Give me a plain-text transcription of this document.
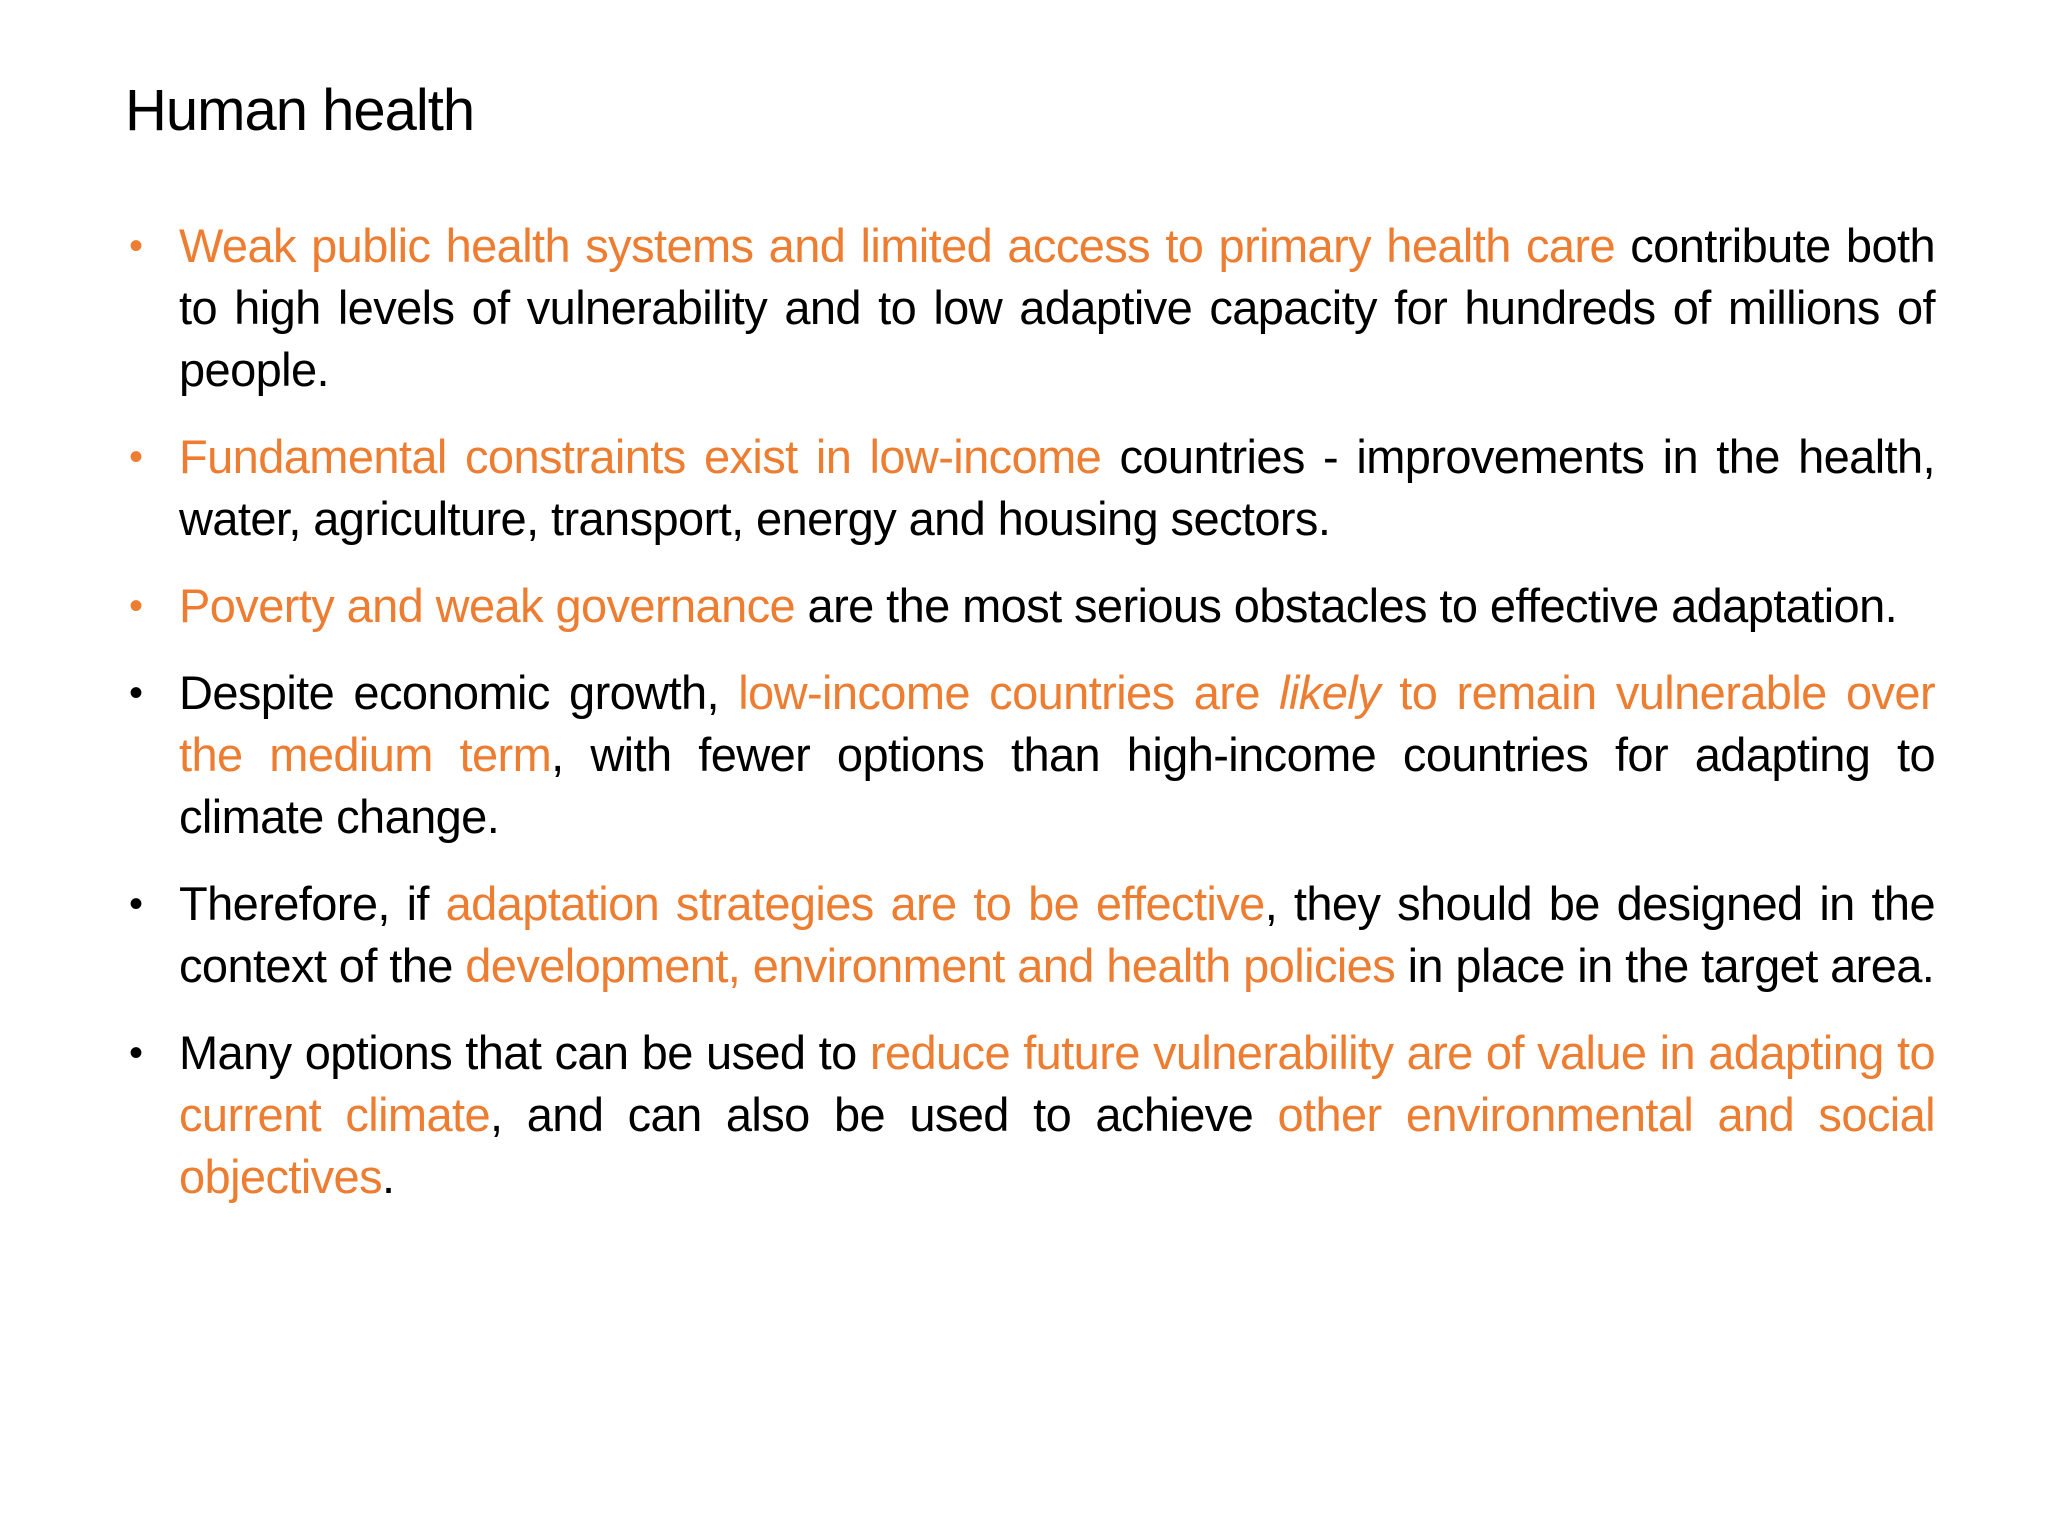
Human health
• Weak public health systems and limited access to primary health care contribute both to high levels of vulnerability and to low adaptive capacity for hundreds of millions of people.
• Fundamental constraints exist in low-income countries - improvements in the health, water, agriculture, transport, energy and housing sectors.
• Poverty and weak governance are the most serious obstacles to effective adaptation.
• Despite economic growth, low-income countries are likely to remain vulnerable over the medium term, with fewer options than high-income countries for adapting to climate change.
• Therefore, if adaptation strategies are to be effective, they should be designed in the context of the development, environment and health policies in place in the target area.
• Many options that can be used to reduce future vulnerability are of value in adapting to current climate, and can also be used to achieve other environmental and social objectives.
